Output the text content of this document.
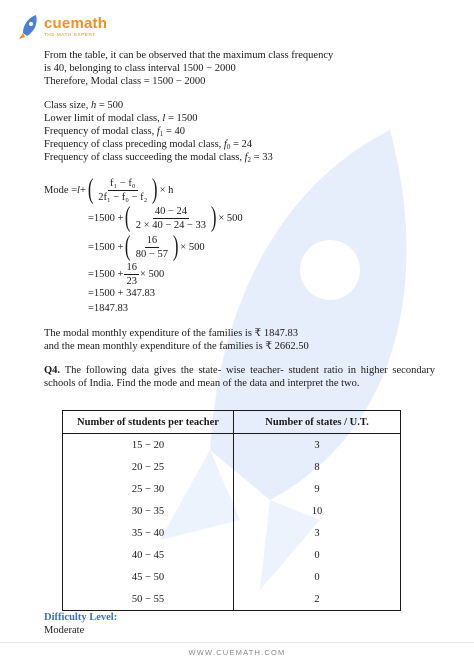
cuemath
THE MATH EXPERT
From the table, it can be observed that the maximum class frequency
is 40, belonging to class interval 1500 − 2000
Therefore, Modal class = 1500 − 2000
Class size, h = 500
Lower limit of modal class, l = 1500
Frequency of modal class, $f_1 = 40$
Frequency of class preceding modal class, $f_0 = 24$
Frequency of class succeeding the modal class, $f_2 = 33$
Mode = l + ( $\frac{\text{f₁ − f₀}}{\text{2f₁ − f₀ − f₂}}$ ) × h
= 1500 + ( $\frac{40 - 24}{2 \times 40 - 24 - 33}$ ) × 500
= 1500 + ( $\frac{16}{80 - 57}$ ) × 500
= $1500 + \frac{16}{23} \times 500$
= 1500 + 347.83
= 1847.83
The modal monthly expenditure of the families is ₹ 1847.83
and the mean monthly expenditure of the families is ₹ 2662.50
Q4. The following data gives the state- wise teacher- student ratio in higher secondary schools of India. Find the mode and mean of the data and interpret the two.
Number of students per teacher	Number of states / U.T.
15 − 20	3
20 − 25	8
25 − 30	9
30 − 35	10
35 − 40	3
40 − 45	0
45 − 50	0
50 − 55	2
Difficulty Level:
Moderate
WWW.CUEMATH.COM
